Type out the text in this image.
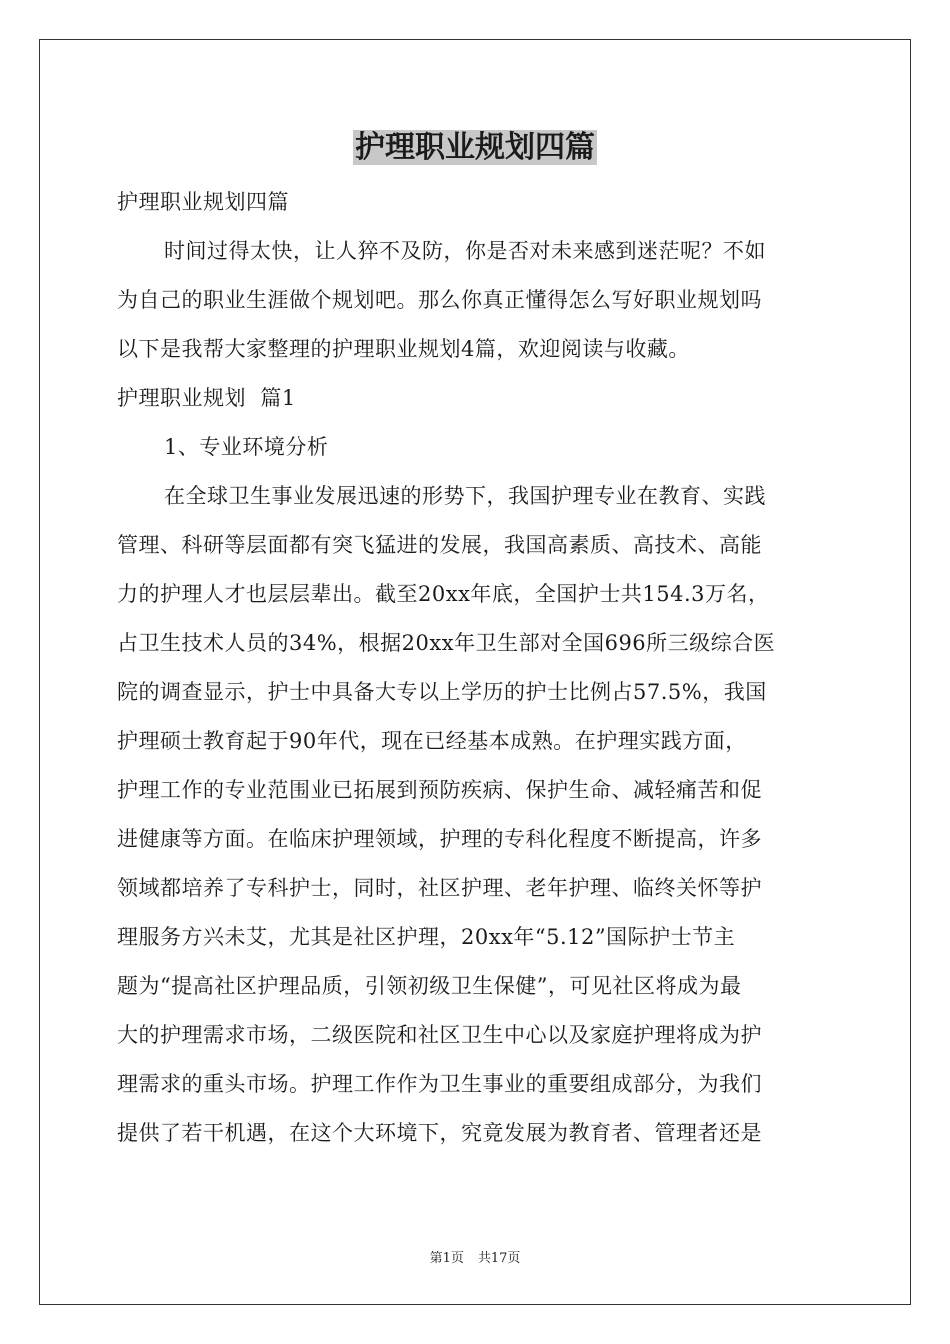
护理职业规划四篇

护理职业规划四篇

时间过得太快，让人猝不及防，你是否对未来感到迷茫呢？不如

为自己的职业生涯做个规划吧。那么你真正懂得怎么写好职业规划吗

以下是我帮大家整理的护理职业规划4篇，欢迎阅读与收藏。

护理职业规划  篇1

1、专业环境分析

在全球卫生事业发展迅速的形势下，我国护理专业在教育、实践

管理、科研等层面都有突飞猛进的发展，我国高素质、高技术、高能

力的护理人才也层层辈出。截至20xx年底，全国护士共154.3万名，

占卫生技术人员的34%，根据20xx年卫生部对全国696所三级综合医

院的调查显示，护士中具备大专以上学历的护士比例占57.5%，我国

护理硕士教育起于90年代，现在已经基本成熟。在护理实践方面，

护理工作的专业范围业已拓展到预防疾病、保护生命、减轻痛苦和促

进健康等方面。在临床护理领域，护理的专科化程度不断提高，许多

领域都培养了专科护士，同时，社区护理、老年护理、临终关怀等护

理服务方兴未艾，尤其是社区护理，20xx年“5.12”国际护士节主

题为“提高社区护理品质，引领初级卫生保健”，可见社区将成为最

大的护理需求市场，二级医院和社区卫生中心以及家庭护理将成为护

理需求的重头市场。护理工作作为卫生事业的重要组成部分，为我们

提供了若干机遇，在这个大环境下，究竟发展为教育者、管理者还是

第1页 共17页
